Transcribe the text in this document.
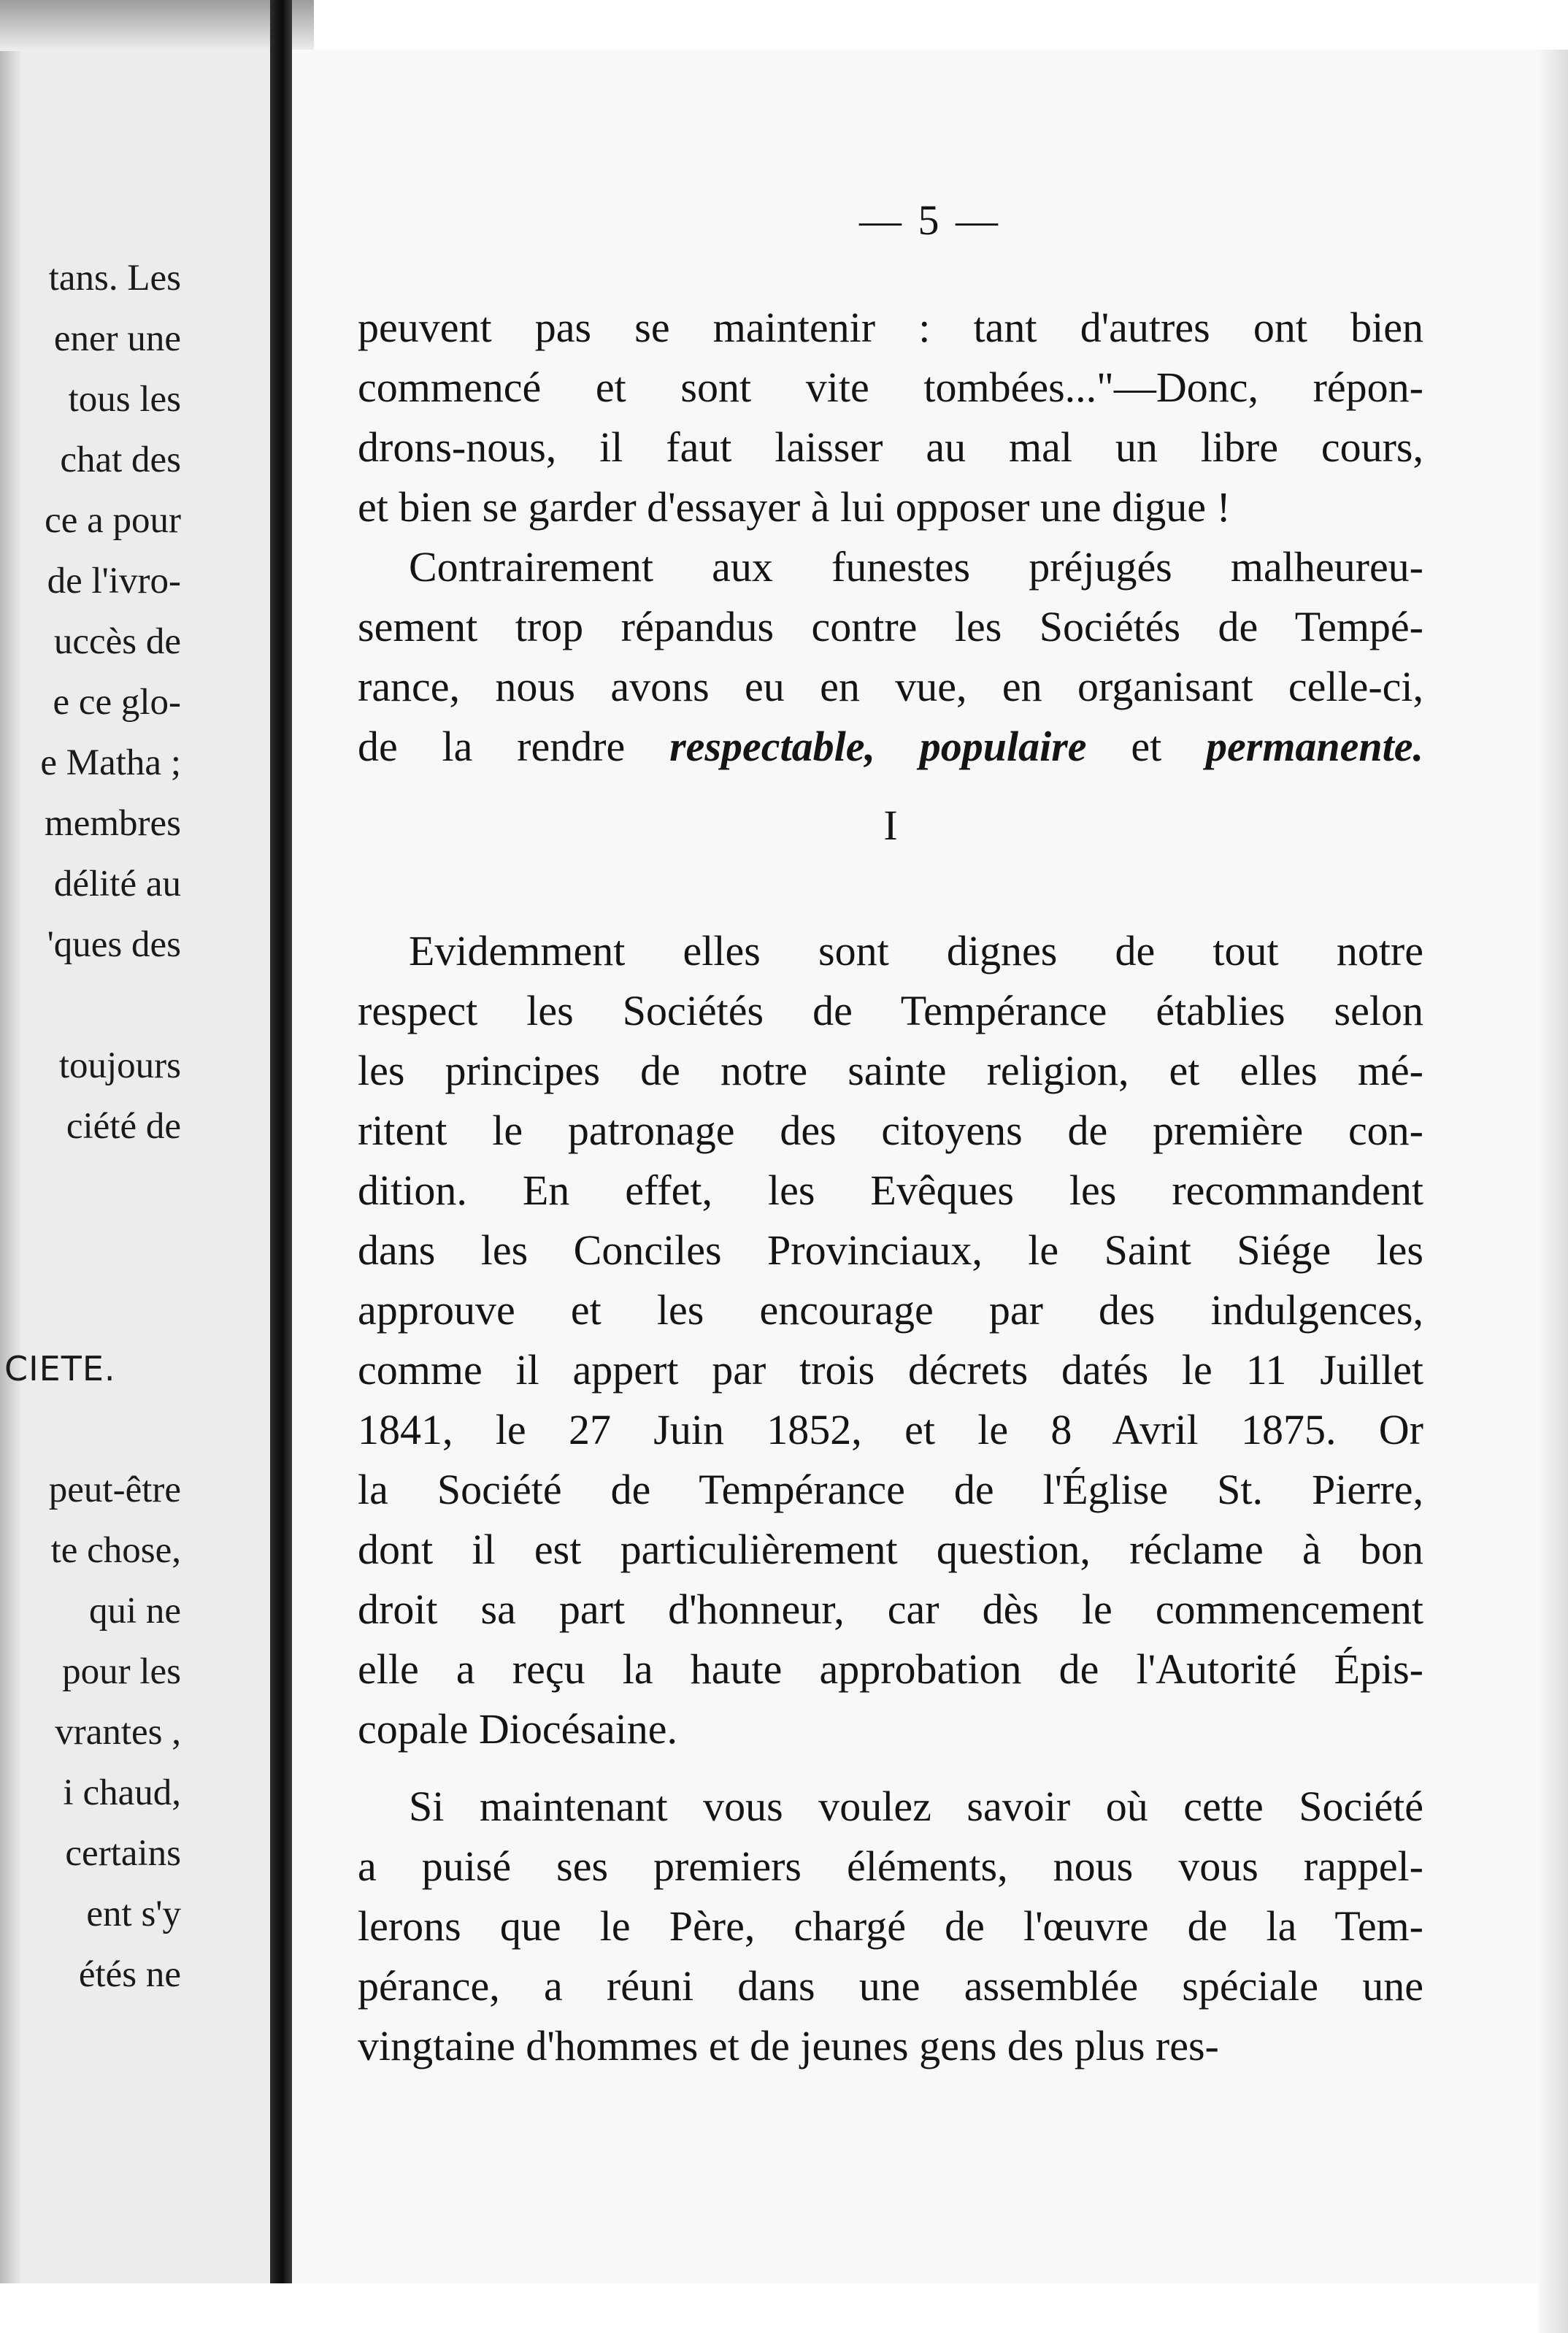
tans. Les
ener une
tous les
chat des
ce a pour
de l'ivro-
uccès de
e ce glo-
e Matha ;
membres
délité au
'ques des
toujours
ciété de
CIETE.
peut-être
te chose,
qui ne
pour les
vrantes ,
i chaud,
certains
ent s'y
étés ne
— 5 —

peuvent pas se maintenir : tant d'autres ont bien
commencé et sont vite tombées..."—Donc, répon-
drons-nous, il faut laisser au mal un libre cours,
et bien se garder d'essayer à lui opposer une digue !

Contrairement aux funestes préjugés malheureu-
sement trop répandus contre les Sociétés de Tempé-
rance, nous avons eu en vue, en organisant celle-ci,
de la rendre respectable, populaire et permanente.

I

Evidemment elles sont dignes de tout notre
respect les Sociétés de Tempérance établies selon
les principes de notre sainte religion, et elles mé-
ritent le patronage des citoyens de première con-
dition. En effet, les Evêques les recommandent
dans les Conciles Provinciaux, le Saint Siége les
approuve et les encourage par des indulgences,
comme il appert par trois décrets datés le 11 Juillet
1841, le 27 Juin 1852, et le 8 Avril 1875. Or
la Société de Tempérance de l'Église St. Pierre,
dont il est particulièrement question, réclame à bon
droit sa part d'honneur, car dès le commencement
elle a reçu la haute approbation de l'Autorité Épis-
copale Diocésaine.

Si maintenant vous voulez savoir où cette Société
a puisé ses premiers éléments, nous vous rappel-
lerons que le Père, chargé de l'œuvre de la Tem-
pérance, a réuni dans une assemblée spéciale une
vingtaine d'hommes et de jeunes gens des plus res-
